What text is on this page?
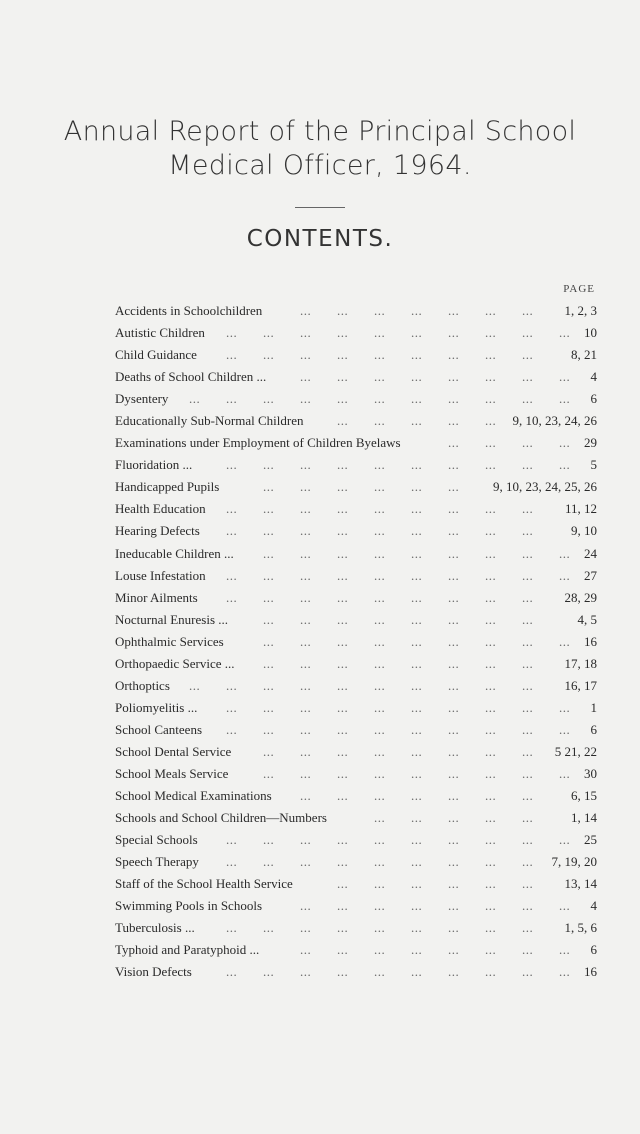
Annual Report of the Principal School
Medical Officer, 1964.
CONTENTS.
PAGE
Accidents in Schoolchildren	1, 2, 3
... ... ... ... ... ... ...
Autistic Children	10
... ... ... ... ... ... ... ... ... ...
Child Guidance	8, 21
... ... ... ... ... ... ... ... ...
Deaths of School Children ...	4
... ... ... ... ... ... ... ...
Dysentery	6
... ... ... ... ... ... ... ... ... ... ...
Educationally Sub-Normal Children	9, 10, 23, 24, 26
... ... ... ... ...
Examinations under Employment of Children Byelaws	29
... ... ... ...
Fluoridation ...	5
... ... ... ... ... ... ... ... ... ...
Handicapped Pupils	9, 10, 23, 24, 25, 26
... ... ... ... ... ...
Health Education	11, 12
... ... ... ... ... ... ... ... ...
Hearing Defects	9, 10
... ... ... ... ... ... ... ... ...
Ineducable Children ...	24
... ... ... ... ... ... ... ... ...
Louse Infestation	27
... ... ... ... ... ... ... ... ... ...
Minor Ailments	28, 29
... ... ... ... ... ... ... ... ...
Nocturnal Enuresis ...	4, 5
... ... ... ... ... ... ... ...
Ophthalmic Services	16
... ... ... ... ... ... ... ... ...
Orthopaedic Service ...	17, 18
... ... ... ... ... ... ... ...
Orthoptics	16, 17
... ... ... ... ... ... ... ... ... ...
Poliomyelitis ...	1
... ... ... ... ... ... ... ... ... ...
School Canteens	6
... ... ... ... ... ... ... ... ... ...
School Dental Service	5 21, 22
... ... ... ... ... ... ... ...
School Meals Service	30
... ... ... ... ... ... ... ... ...
School Medical Examinations	6, 15
... ... ... ... ... ... ...
Schools and School Children—Numbers	1, 14
... ... ... ... ...
Special Schools	25
... ... ... ... ... ... ... ... ... ...
Speech Therapy	7, 19, 20
... ... ... ... ... ... ... ... ...
Staff of the School Health Service	13, 14
... ... ... ... ... ...
Swimming Pools in Schools	4
... ... ... ... ... ... ... ...
Tuberculosis ...	1, 5, 6
... ... ... ... ... ... ... ... ...
Typhoid and Paratyphoid ...	6
... ... ... ... ... ... ... ...
Vision Defects	16
... ... ... ... ... ... ... ... ... ...
